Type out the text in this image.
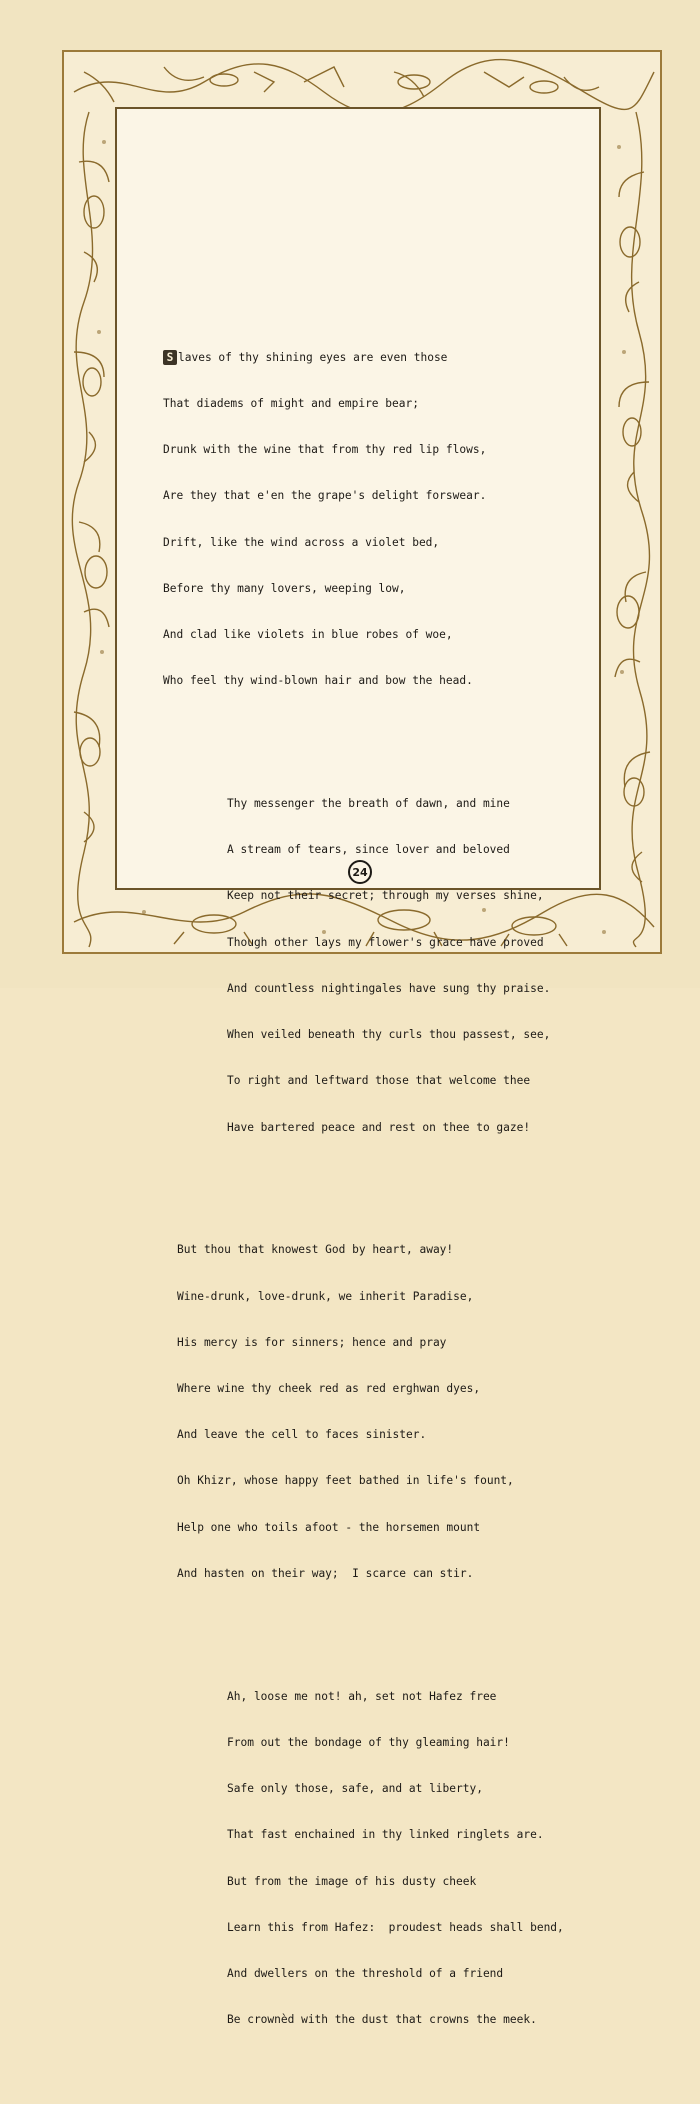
S laves of thy shining eyes are even those

That diadems of might and empire bear;

Drunk with the wine that from thy red lip flows,

Are they that e'en the grape's delight forswear.

Drift, like the wind across a violet bed,

Before thy many lovers, weeping low,

And clad like violets in blue robes of woe,

Who feel thy wind-blown hair and bow the head.

Thy messenger the breath of dawn, and mine

A stream of tears, since lover and beloved

Keep not their secret; through my verses shine,

Though other lays my flower's grace have proved

And countless nightingales have sung thy praise.

When veiled beneath thy curls thou passest, see,

To right and leftward those that welcome thee

Have bartered peace and rest on thee to gaze!

But thou that knowest God by heart, away!

Wine-drunk, love-drunk, we inherit Paradise,

His mercy is for sinners; hence and pray

Where wine thy cheek red as red erghwan dyes,

And leave the cell to faces sinister.

Oh Khizr, whose happy feet bathed in life's fount,

Help one who toils afoot - the horsemen mount

And hasten on their way;  I scarce can stir.

Ah, loose me not! ah, set not Hafez free

From out the bondage of thy gleaming hair!

Safe only those, safe, and at liberty,

That fast enchained in thy linked ringlets are.

But from the image of his dusty cheek

Learn this from Hafez:  proudest heads shall bend,

And dwellers on the threshold of a friend

Be crownèd with the dust that crowns the meek.

24
